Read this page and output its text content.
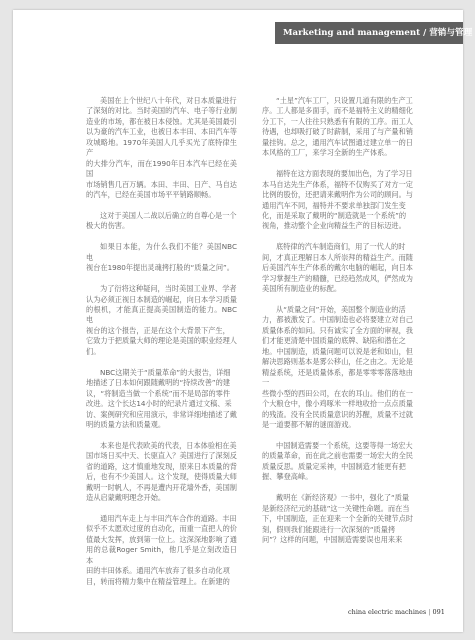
Marketing and management / 营销与管理

美国在上个世纪八十年代，对日本质量进行
了深刻的对比。当时美国的汽车、电子等行业制
造业的市场，都在被日本侵蚀。尤其是美国最引
以为豪的汽车工业，也被日本丰田、本田汽车等
攻城略地。1970年美国人几乎买光了底特律生产
的大排分汽车，而在1990年日本汽车已经在美国
市场销售几百万辆。本田、丰田、日产、马自达
的汽车，已经在美国市场平平销路顺畅。

这对于美国人二战以后确立的自尊心是一个
极大的伤害。

如果日本能，为什么我们不能？美国NBC电
视台在1980年提出灵魂拷打般的“质量之问”。

为了衍将这种疑问，当时美国工业界、学者
认为必须正视日本制造的崛起，向日本学习质量
的根机，才能真正提高美国制造的能力。NBC电
视台的这个报告，正是在这个大背景下产生，
它致力于把质量大师的理论是美国的职业经理人
们。

NBC这期关于“质量革命”的大报告，详细
地描述了日本如何跟随戴明的“持续改善”的建
议，“将制造当做一个系统”而不是局部的零件
改进。这个长达14小时的纪录片通过文稿、采
访、案例研究和应用演示，非常详细地描述了戴
明的质量方法和质量观。

本来也是代表欧美的代表，日本体验相在美
国市场日买中天、长驱直入？美国进行了深刻反
省的道路，这才慎重地发现，原来日本质量的背
后，也有不少美国人。这个发现，使得质量大师
戴明一时帆人，不再是遭内开花墙外香，美国制
造从启蒙戴明理念开始。

通用汽车走上与丰田汽车合作的道路。丰田
似乎不太愿欢过度的自动化，而重一直把人的价
值最大发挥，放到第一位上。这深深地影响了通
用的总裁Roger Smith，他几乎是立刻改造日本
田的丰田体系。通用汽车放弃了很多自动化项
目，转而将精力集中在精益管理上。在新建的

“土星”汽车工厂，只设置几道有限的生产工
序。工人都是多面手，而不是福特主义的精细化
分工下，一人往往只熟悉有有限的工序。而工人
待遇，也却吸打破了时薪制，采用了与产量和销
量挂钩。总之，通用汽车试图通过建立单一的日
本风格的工厂，来学习全新的生产体系。

福特在这方面表现的要加出色，为了学习日
本马自达先生产体系，福特不仅购买了对方一定
比例的股份，还把请来戴明作为公司的顾问。与
通用汽车不同，福特并不要求单独部门发生变
化，而是采取了戴明的“制造就是一个系统”的
视角，推动整个企业向精益生产的目标迈进。

底特律的汽车制造商们，用了一代人的时
间，才真正理解日本人所崇拜的精益生产。而随
后美国汽车生产体系的戴尔电脑的崛起，向日本
学习掌握生产的精髓，已经趋然成风，俨然成为
美国所有制造业的标配。

从“质量之问”开始，美国整个制造业的活
力，都被激发了。中国制造也必将要建立对自己
质量体系的如问。只有诚实了全方面的审视，我
们才能更清楚中国质量的底牌、缺陷和潜在之
地。中国制造，质量问题可以说是老和如山，但
解决思路则基本是雾公移山，任之由之。无论是
精益系统，还是质量体系，都是零零零落落地由一
些微小型的西田公司，在农的耳山。他们的在一
个大粮仓中，像小鸡啄米一样地收拾一点点质量
的残渣。没有全民质量意识的苏醒，质量不过就
是一道要都不解的谜面游戏。

中国制造需要一个系统，这要等得一场宏大
的质量革命，而在此之前也需要一场宏大的全民
质量反思。质量定采神，中国制造才能更有把
握、攀登高峰。

戴明在《新经济观》一书中，强化了“质量
是新经济纪元的基础”这一关键性命题。而在当
下，中国制造，正在迎来一个全新的关键节点时
刻，假则我们能跟进行一次深刻的“质量拷
问”？这样的问题，中国制造需要误也用来来

china electric machines | 091
